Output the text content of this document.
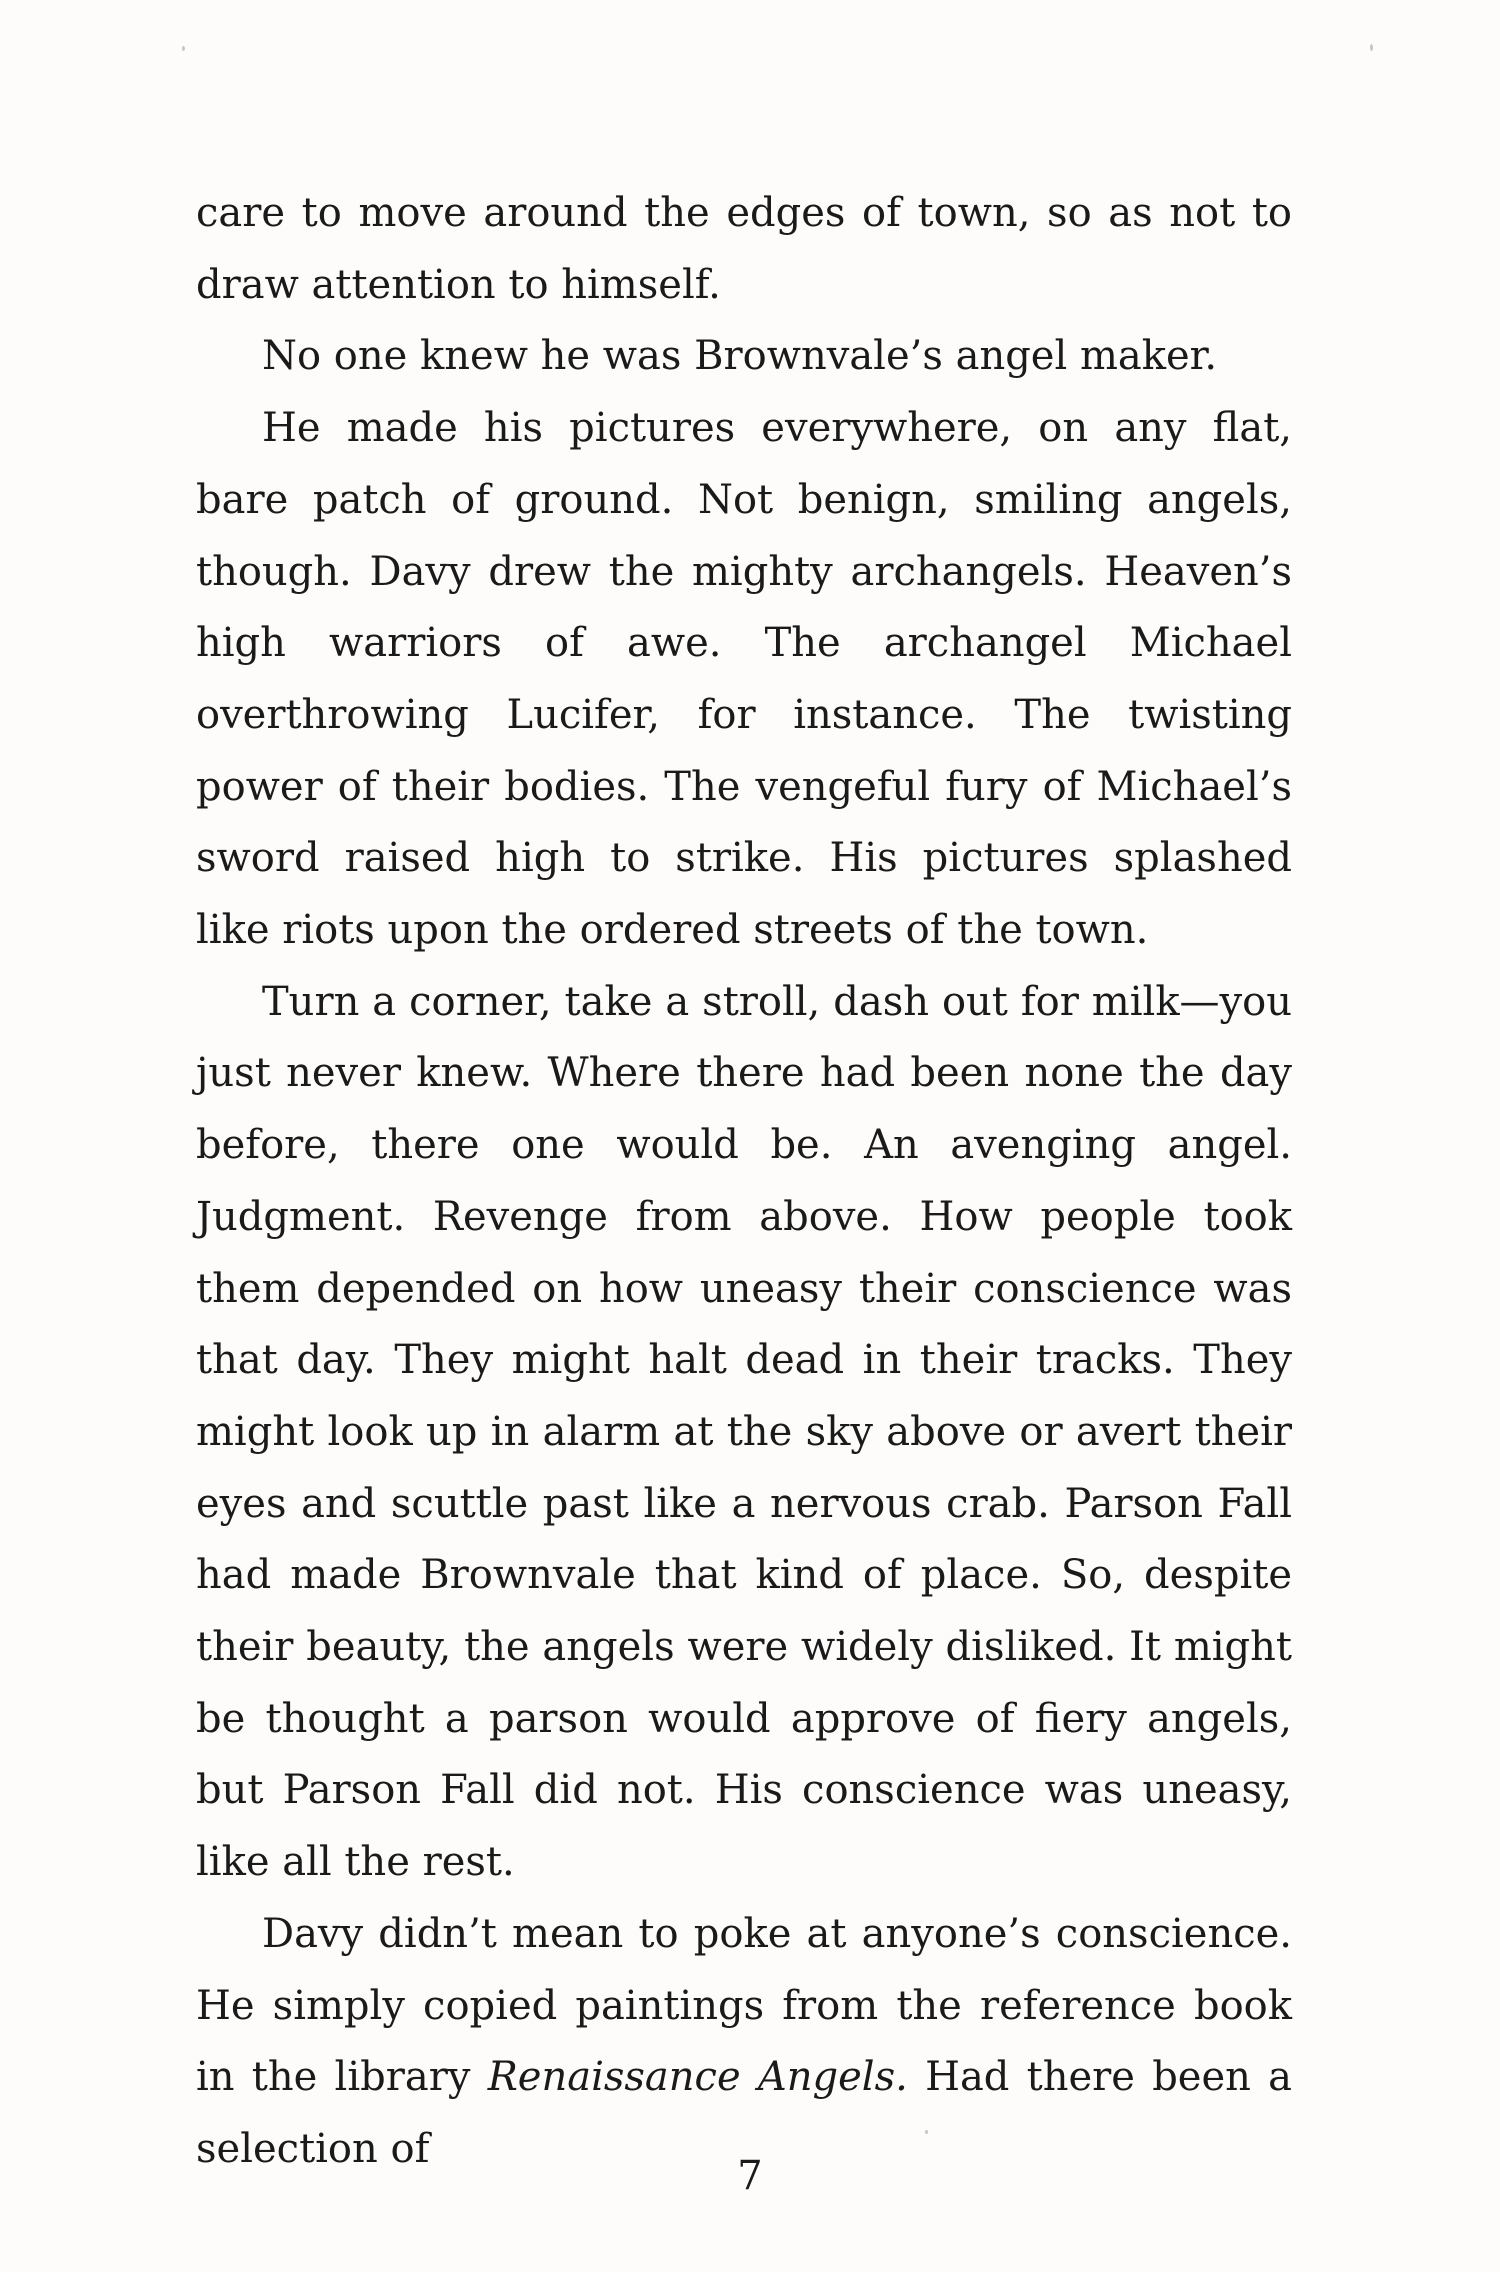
care to move around the edges of town, so as not to draw attention to himself.

No one knew he was Brownvale’s angel maker.

He made his pictures everywhere, on any flat, bare patch of ground. Not benign, smiling angels, though. Davy drew the mighty archangels. Heaven’s high warriors of awe. The archangel Michael overthrowing Lucifer, for instance. The twisting power of their bodies. The vengeful fury of Michael’s sword raised high to strike. His pictures splashed like riots upon the ordered streets of the town.

Turn a corner, take a stroll, dash out for milk—you just never knew. Where there had been none the day before, there one would be. An avenging angel. Judgment. Revenge from above. How people took them depended on how uneasy their conscience was that day. They might halt dead in their tracks. They might look up in alarm at the sky above or avert their eyes and scuttle past like a nervous crab. Parson Fall had made Brownvale that kind of place. So, despite their beauty, the angels were widely disliked. It might be thought a parson would approve of fiery angels, but Parson Fall did not. His conscience was uneasy, like all the rest.

Davy didn’t mean to poke at anyone’s conscience. He simply copied paintings from the reference book in the library Renaissance Angels. Had there been a selection of

7
